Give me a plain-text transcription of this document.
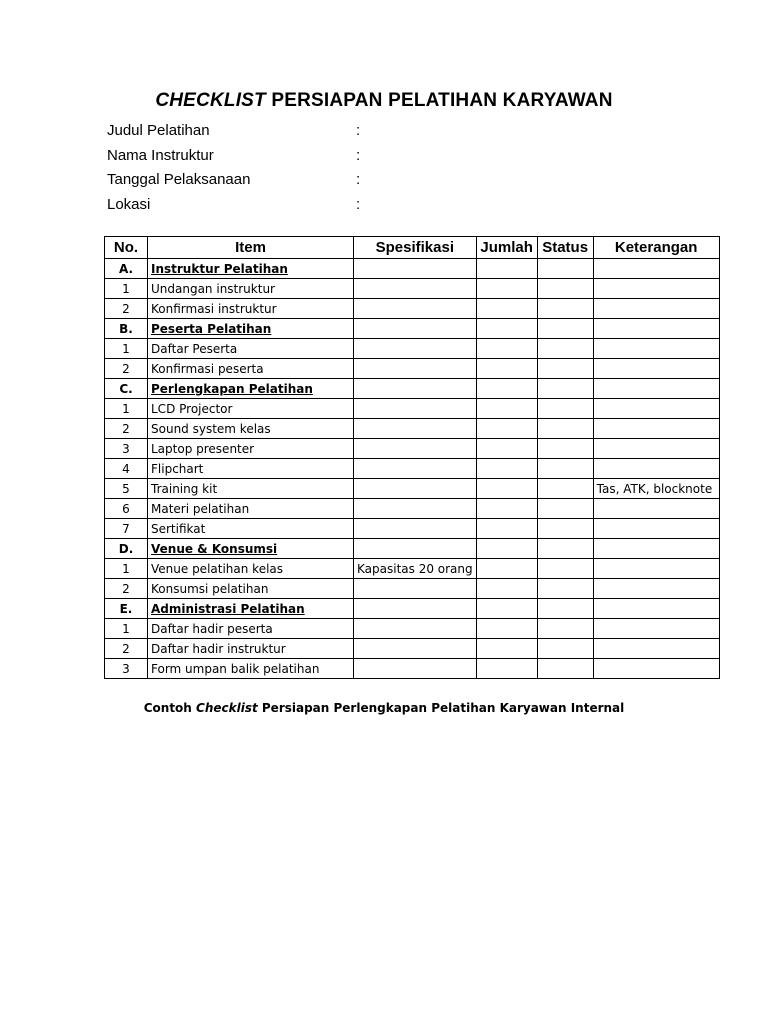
CHECKLIST PERSIAPAN PELATIHAN KARYAWAN
Judul Pelatihan	:
Nama Instruktur	:
Tanggal Pelaksanaan	:
Lokasi	:
No.	Item	Spesifikasi	Jumlah	Status	Keterangan
A.	Instruktur Pelatihan				
1	Undangan instruktur				
2	Konfirmasi instruktur				
B.	Peserta Pelatihan				
1	Daftar Peserta				
2	Konfirmasi peserta				
C.	Perlengkapan Pelatihan				
1	LCD Projector				
2	Sound system kelas				
3	Laptop presenter				
4	Flipchart				
5	Training kit				Tas, ATK, blocknote
6	Materi pelatihan				
7	Sertifikat				
D.	Venue & Konsumsi				
1	Venue pelatihan kelas	Kapasitas 20 orang			
2	Konsumsi pelatihan				
E.	Administrasi Pelatihan				
1	Daftar hadir peserta				
2	Daftar hadir instruktur				
3	Form umpan balik pelatihan				
Contoh Checklist Persiapan Perlengkapan Pelatihan Karyawan Internal
